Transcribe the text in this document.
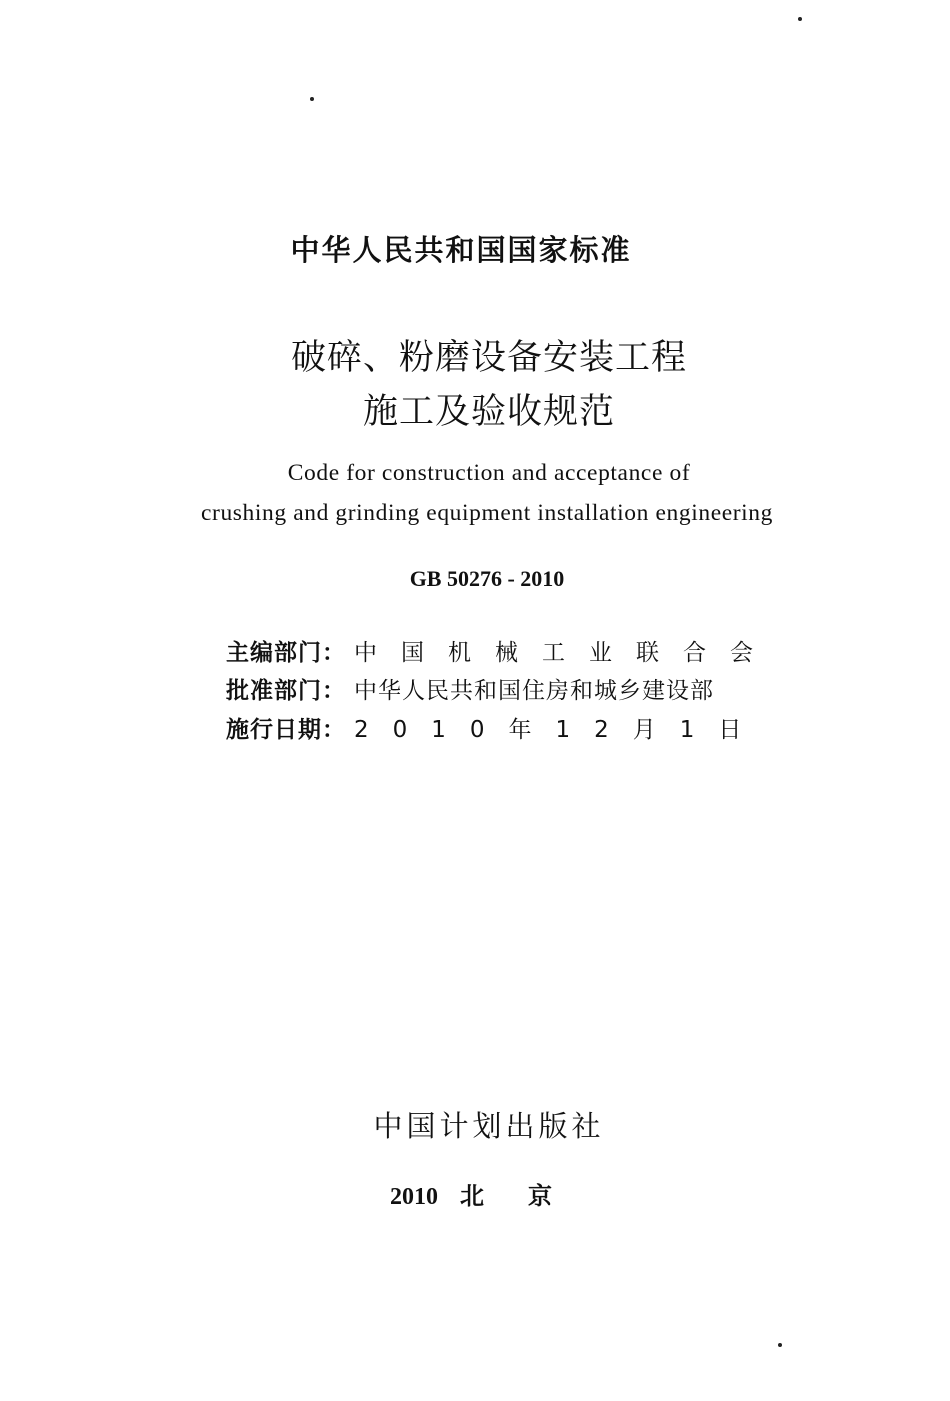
中华人民共和国国家标准
破碎、粉磨设备安装工程
施工及验收规范
Code for construction and acceptance of
crushing and grinding equipment installation engineering
GB 50276 - 2010
主编部门： 中国机械工业联合会
批准部门： 中华人民共和国住房和城乡建设部
施行日期： 2010年12月1日
中国计划出版社
2010 北京
